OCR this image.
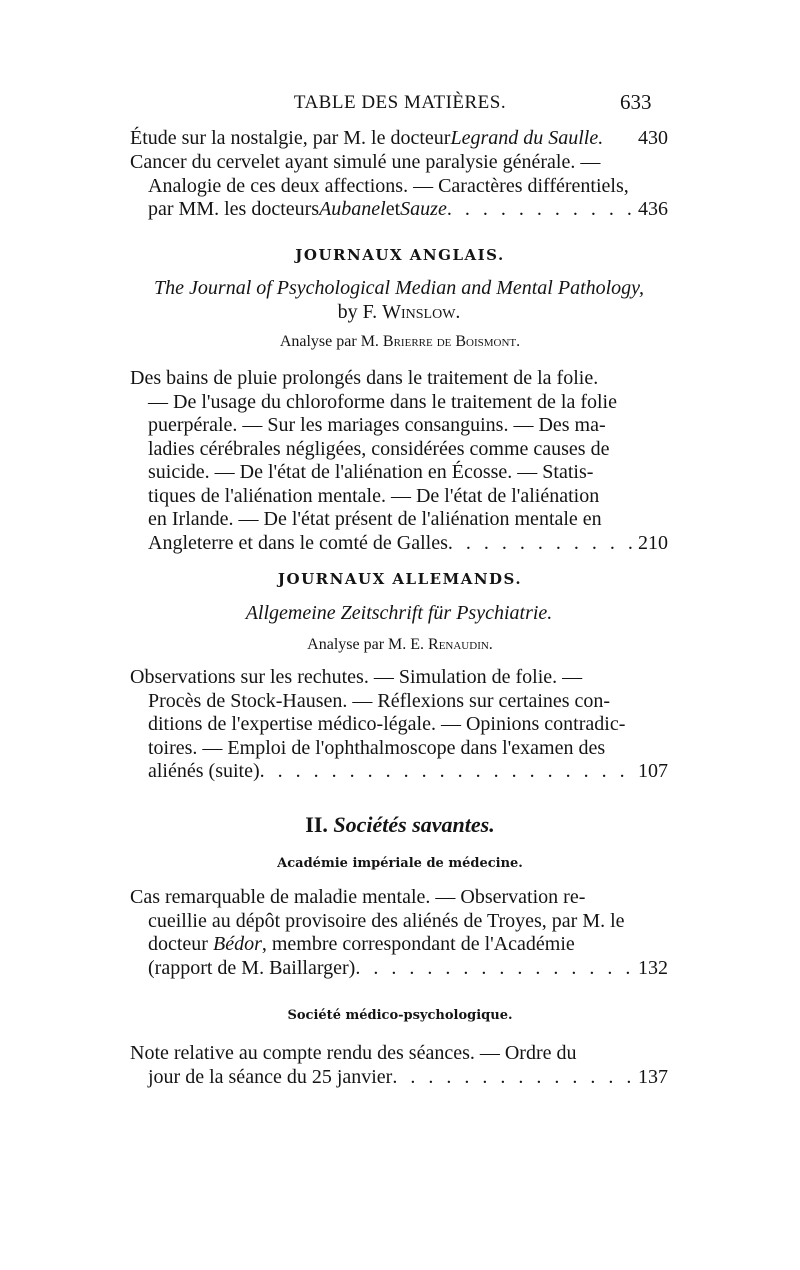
TABLE DES MATIÈRES.	633

Étude sur la nostalgie, par M. le docteur Legrand du Saulle. 430

Cancer du cervelet ayant simulé une paralysie générale. —

Analogie de ces deux affections. — Caractères différentiels,

par MM. les docteurs Aubanel et Sauze . . .	436

JOURNAUX ANGLAIS.
The Journal of Psychological Median and Mental Pathology,
by F. Winslow.
Analyse par M. Brierre de Boismont.

Des bains de pluie prolongés dans le traitement de la folie.

— De l'usage du chloroforme dans le traitement de la folie

puerpérale. — Sur les mariages consanguins. — Des ma-

ladies cérébrales négligées, considérées comme causes de

suicide. — De l'état de l'aliénation en Écosse. — Statis-

tiques de l'aliénation mentale. — De l'état de l'aliénation

en Irlande. — De l'état présent de l'aliénation mentale en

Angleterre et dans le comté de Galles . . .	210

JOURNAUX ALLEMANDS.
Allgemeine Zeitschrift für Psychiatrie.
Analyse par M. E. Renaudin.

Observations sur les rechutes. — Simulation de folie. —

Procès de Stock-Hausen. — Réflexions sur certaines con-

ditions de l'expertise médico-légale. — Opinions contradic-

toires. — Emploi de l'ophthalmoscope dans l'examen des

aliénés (suite) . . .	107

II. Sociétés savantes.
Académie impériale de médecine.

Cas remarquable de maladie mentale. — Observation re-

cueillie au dépôt provisoire des aliénés de Troyes, par M. le

docteur Bédor, membre correspondant de l'Académie

(rapport de M. Baillarger) . . .	132

Société médico-psychologique.

Note relative au compte rendu des séances. — Ordre du

jour de la séance du 25 janvier . . .	137
